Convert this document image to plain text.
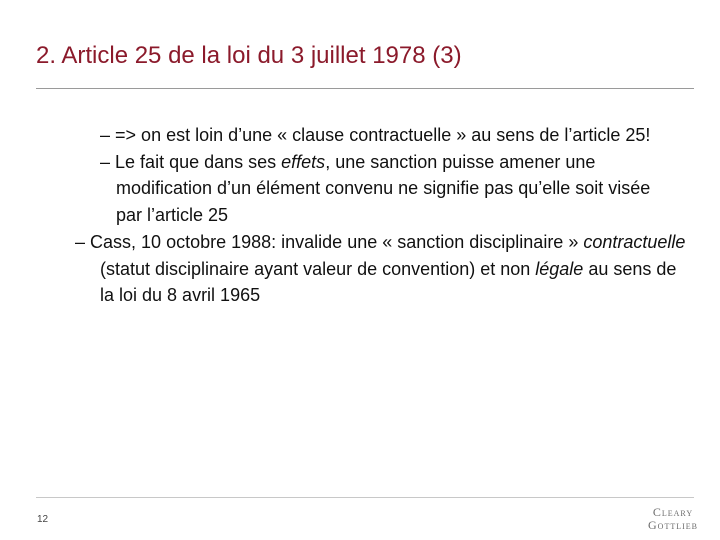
2. Article 25 de la loi du 3 juillet 1978 (3)
– => on est loin d’une « clause contractuelle » au sens de l’article 25!
– Le fait que dans ses effets, une sanction puisse amener une modification d’un élément convenu ne signifie pas qu’elle soit visée par l’article 25
– Cass, 10 octobre 1988: invalide une « sanction disciplinaire » contractuelle (statut disciplinaire ayant valeur de convention) et non légale au sens de la loi du 8 avril 1965
12
Cleary
Gottlieb
